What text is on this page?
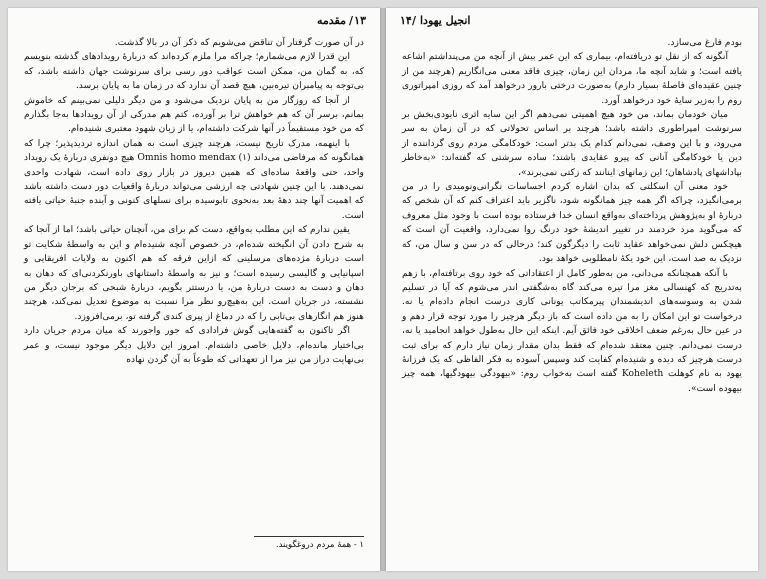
۱۳
/
مقدمه

در آن صورت گرفتار آن تناقض می‌شویم که ذکر آن در بالا گذشت.

این قدرا لازم می‌شمارم؛ چراکه مرا ملزم کرده‌اند که دربارهٔ رویدادهای گذشته بنویسم که، به گمان من، ممکن است عواقب دور رسی برای سرنوشت جهان داشته باشد، که بی‌توجه به پیامبران تیره‌بین، هیچ قصد آن ندارد که در زمان ما به پایان برسد.

از آنجا که روزگار من به پایان نزدیک می‌شود و من دیگر دلیلی نمی‌بینم که خاموش بمانم، برسر آن که هم خواهش ترا بر آورده، کتم هم مدرکی از آن رویدادها به‌جا بگذارم که من خود مستقیماً در آنها شرکت داشته‌ام، یا از زبان شهود معتبری شنیده‌ام.

با اینهمه، مدرک تاریخ نیست، هرچند چیزی است به همان اندازه تردیدپذیر؛ چرا که همانگونه که مرفاضی می‌داند Omnis homo mendax (۱) هیچ دونفری دربارهٔ یک رویداد واحد، حتی واقعهٔ ساده‌ای که همین دیروز در بازار روی داده است، شهادت واحدی نمی‌دهند. با این چنین شهادتی چه ارزشی می‌تواند دربارهٔ واقعیات دور دست داشته باشد که اهمیت آنها چند دههٔ بعد به‌نحوی تابوسیده برای نسلهای کنونی و آینده جنبهٔ حیاتی یافته است.

یقین ندارم که این مطلب به‌واقع، دست کم برای من، آنچنان حیاتی باشد؛ اما از آنجا که به شرح دادن آن انگیخته شده‌ام، در خصوص آنچه شنیده‌ام و این به واسطهٔ شکایت تو است دربارهٔ مژده‌های مرسلینی که ازاین‌ فرقه که هم اکنون به ولایات افریقایی و اسپانیایی و گالیسی رسیده است؛ و نیز به واسطهٔ داستانهای باورنکردنی‌ای که دهان به دهان و دست به دست دربارهٔ من، یا درستتر بگویم، دربارهٔ شبحی که برجان دیگر من نشسته، در جریان است. این به‌هیچ‌رو نظر مرا نسبت به موضوع تعدیل نمی‌کند، هرچند هنوز هم انگارهای بی‌تابی را که در دماغ از پیری کندی گرفته تو، برمی‌افروزد.

اگر تاکنون به گفته‌هایی گوش فرادادی که جور واجورند که میان مردم جریان دارد بی‌اختیار مانده‌ام، دلایل خاصی داشته‌ام. امروز این دلایل دیگر موجود نیست، و عمر بی‌نهایت دراز من نیز مرا از تعهداتی که طوعاً به آن گردن نهاده

۱ - همهٔ مردم دروغگویند.
۱۴ / انجیل یهودا

بودم فارغ می‌سازد.

آنگونه که از نقل تو دریافته‌ام، بیماری که این عمر بیش از آنچه من می‌پنداشتم اشاعه یافته است؛ و شاید آنچه ما، مردان این زمان، چیزی فاقد معنی می‌انگاریم (هرچند من از چنین عقیده‌ای فاصلهٔ بسیار دارم) به‌صورت درختی بارور درخواهد آمد که روزی امپراتوری روم را به‌زیر سایهٔ خود درخواهد آورد.

میان خودمان بماند، من خود هیچ اهمیتی نمی‌دهم اگر این سایه اثری نابودی‌بخش بر سرنوشت امپراطوری داشته باشد؛ هرچند بر اساس تحولاتی که در آن زمان به سر می‌رود، و با این وصف، نمی‌دانم کدام یک بدتر است: خودکامگی مردم روی گرداننده از دین یا خودکامگی آنانی که پیرو عقایدی باشند؛ ساده سرشتی که گفته‌اند: «به‌خاطر بپاداشهای پادشاهان؛ این زمانهای اینانند که زکتی نمی‌برند»،

خود معنی آن اسکلتی که بدان اشاره کردم احساسات نگرانی‌ونومیدی را در من برمی‌انگیزد، چراکه اگر همه چیز همانگونه شود، ناگزیر باید اعتراف کنم که آن شخص که دربارهٔ او به‌پژوهش پرداخته‌ای به‌واقع انسان خدا فرستاده بوده است با وجود مثل معروف که می‌گوید مرد خردمند در تغییر اندیشهٔ خود درنگ روا نمی‌دارد، واقعیت آن است که هیچکس دلش نمی‌خواهد عقاید ثابت را دیگرگون کند؛ درحالی که در سن و سال من، که نزدیک به صد است، این خود یکهٔ نامطلوبی خواهد بود.

با آنکه همچنانکه می‌دانی، من به‌طور کامل از اعتقاداتی که خود روی برتافته‌ام، با زهم به‌تدریج که کهنسالی مغز مرا تیره می‌کند گاه به‌شگفتی اندر می‌شوم که آیا در تسلیم شدن به وسوسه‌های اندیشمندان پیرمکاتب یونانی کاری درست انجام داده‌ام یا نه. درخواست تو این امکان را به من داده است که باز دیگر هرچیز را مورد توجه قرار دهم و در عین حال به‌رغم ضعف اخلاقی خود فائق آیم. اینکه این حال به‌طول خواهد انجامید یا نه، درست نمی‌دانم. چنین معتقد شده‌ام که فقط بدان مقدار زمان نیاز دارم که برای ثبت درست هرچیز که دیده و شنیده‌ام کفایت کند وسپس آسوده به فکر الفاظی که یک فرزانهٔ یهود به نام کوهلت Koheleth گفته است به‌خواب روم: «بیهودگی بیهودگیها، همه چیز بیهوده است».
